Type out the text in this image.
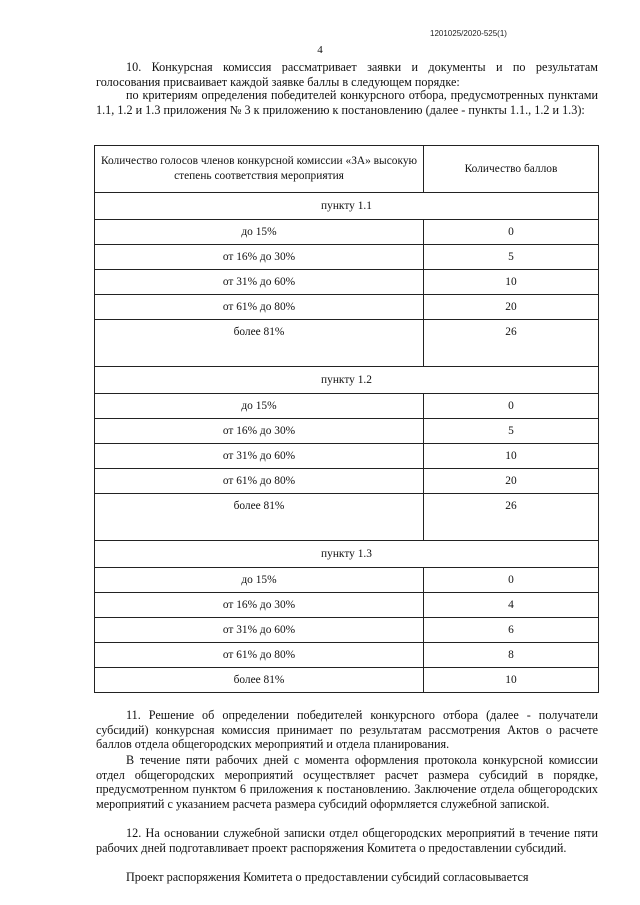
1201025/2020-525(1)
4

10. Конкурсная комиссия рассматривает заявки и документы и по результатам голосования присваивает каждой заявке баллы в следующем порядке:

по критериям определения победителей конкурсного отбора, предусмотренных пунктами 1.1, 1.2 и 1.3 приложения № 3 к приложению к постановлению (далее - пункты 1.1., 1.2 и 1.3):

Количество голосов членов конкурсной комиссии «ЗА» высокую степень соответствия мероприятия	Количество баллов
пункту 1.1	
до 15%	0
от 16% до 30%	5
от 31% до 60%	10
от 61% до 80%	20
более 81%	26
пункту 1.2	
до 15%	0
от 16% до 30%	5
от 31% до 60%	10
от 61% до 80%	20
более 81%	26
пункту 1.3	
до 15%	0
от 16% до 30%	4
от 31% до 60%	6
от 61% до 80%	8
более 81%	10

11. Решение об определении победителей конкурсного отбора (далее - получатели субсидий) конкурсная комиссия принимает по результатам рассмотрения Актов о расчете баллов отдела общегородских мероприятий и отдела планирования.

В течение пяти рабочих дней с момента оформления протокола конкурсной комиссии отдел общегородских мероприятий осуществляет расчет размера субсидий в порядке, предусмотренном пунктом 6 приложения к постановлению. Заключение отдела общегородских мероприятий с указанием расчета размера субсидий оформляется служебной запиской.

12. На основании служебной записки отдел общегородских мероприятий в течение пяти рабочих дней подготавливает проект распоряжения Комитета о предоставлении субсидий.

Проект распоряжения Комитета о предоставлении субсидий согласовывается
